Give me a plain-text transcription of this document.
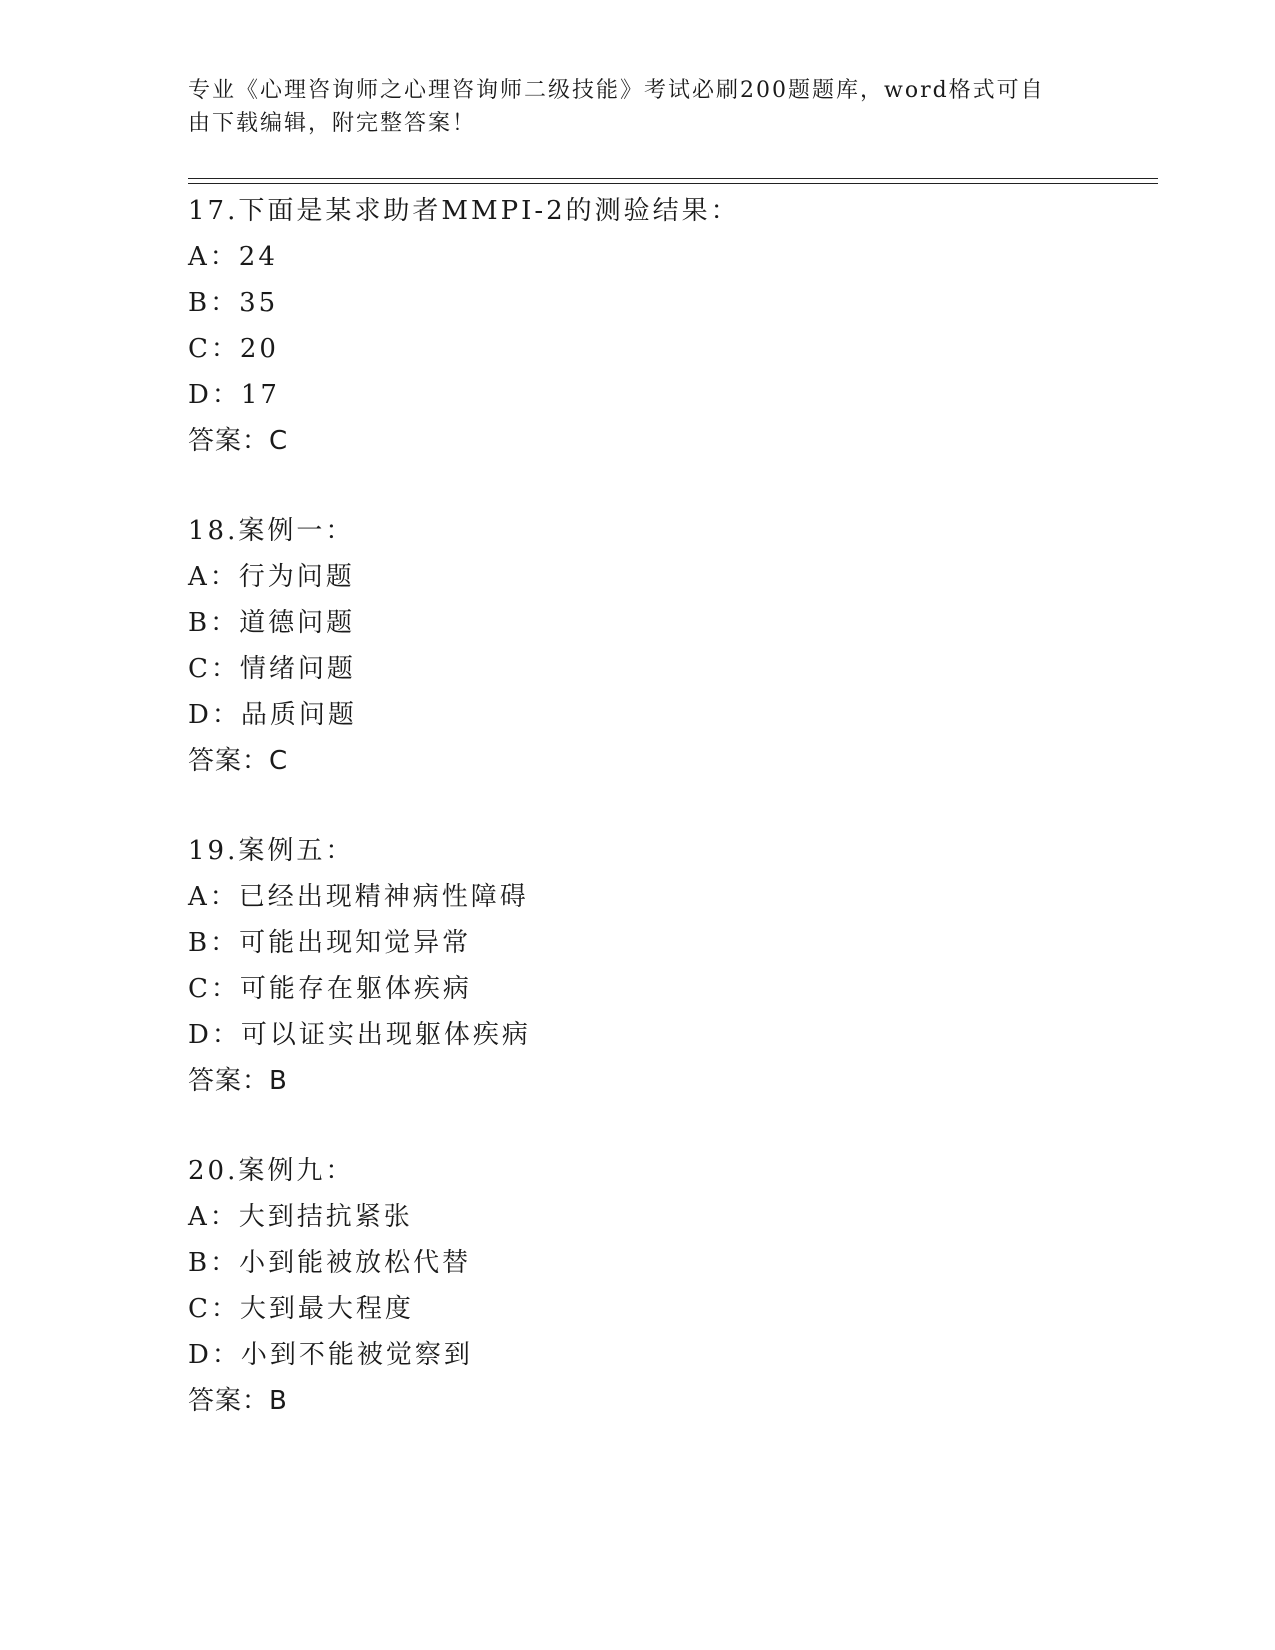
专业《心理咨询师之心理咨询师二级技能》考试必刷200题题库，word格式可自
由下载编辑，附完整答案！
17.下面是某求助者MMPI-2的测验结果：
A：24
B：35
C：20
D：17
答案：C
18.案例一：
A：行为问题
B：道德问题
C：情绪问题
D：品质问题
答案：C
19.案例五：
A：已经出现精神病性障碍
B：可能出现知觉异常
C：可能存在躯体疾病
D：可以证实出现躯体疾病
答案：B
20.案例九：
A：大到拮抗紧张
B：小到能被放松代替
C：大到最大程度
D：小到不能被觉察到
答案：B
